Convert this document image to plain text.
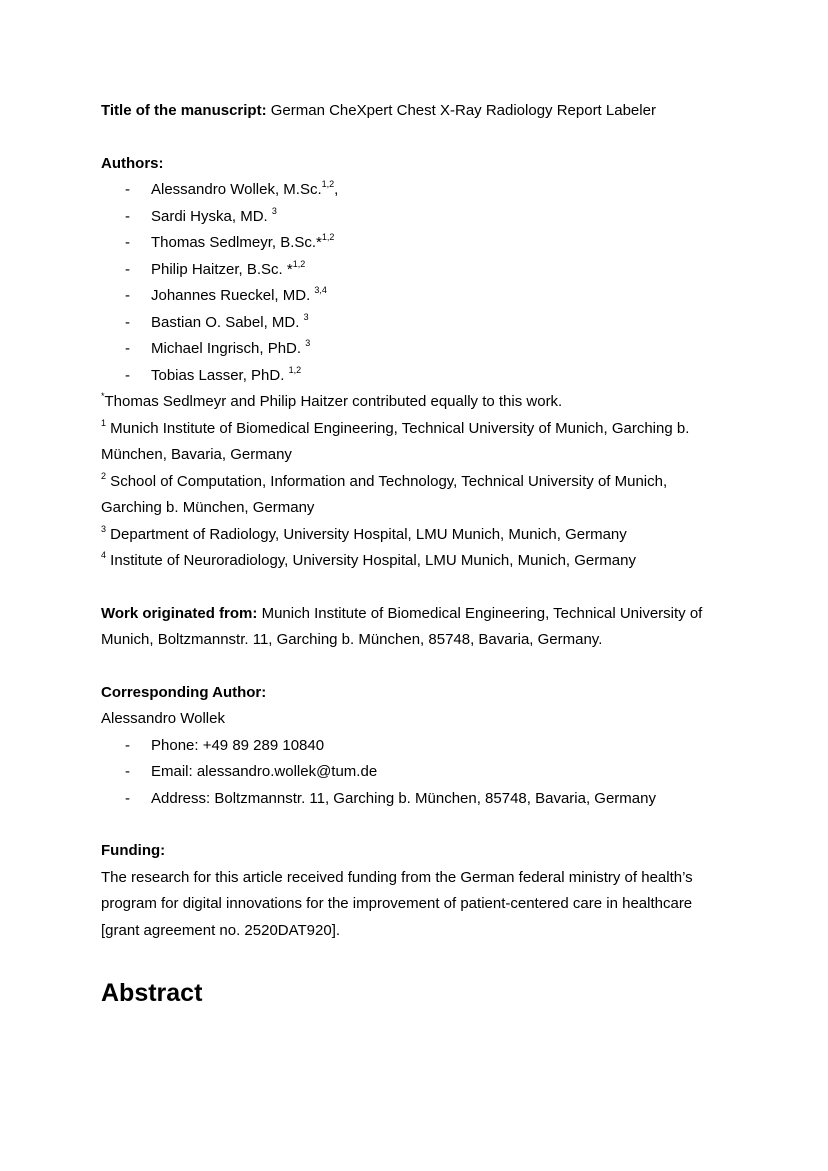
Title of the manuscript: German CheXpert Chest X-Ray Radiology Report Labeler
Authors:
- Alessandro Wollek, M.Sc.$^{1,2}$,
- Sardi Hyska, MD. $^3$
- Thomas Sedlmeyr, B.Sc.*$^{1,2}$
- Philip Haitzer, B.Sc. *$^{1,2}$
- Johannes Rueckel, MD. $^{3,4}$
- Bastian O. Sabel, MD. $^3$
- Michael Ingrisch, PhD. $^3$
- Tobias Lasser, PhD. $^{1,2}$
*Thomas Sedlmeyr and Philip Haitzer contributed equally to this work.
$^1$ Munich Institute of Biomedical Engineering, Technical University of Munich, Garching b.
München, Bavaria, Germany
$^2$ School of Computation, Information and Technology, Technical University of Munich,
Garching b. München, Germany
$^3$ Department of Radiology, University Hospital, LMU Munich, Munich, Germany
$^4$ Institute of Neuroradiology, University Hospital, LMU Munich, Munich, Germany
Work originated from: Munich Institute of Biomedical Engineering, Technical University of
Munich, Boltzmannstr. 11, Garching b. München, 85748, Bavaria, Germany.
Corresponding Author:
Alessandro Wollek
- Phone: +49 89 289 10840
- Email: alessandro.wollek@tum.de
- Address: Boltzmannstr. 11, Garching b. München, 85748, Bavaria, Germany
Funding:
The research for this article received funding from the German federal ministry of health’s
program for digital innovations for the improvement of patient-centered care in healthcare
[grant agreement no. 2520DAT920].
Abstract
